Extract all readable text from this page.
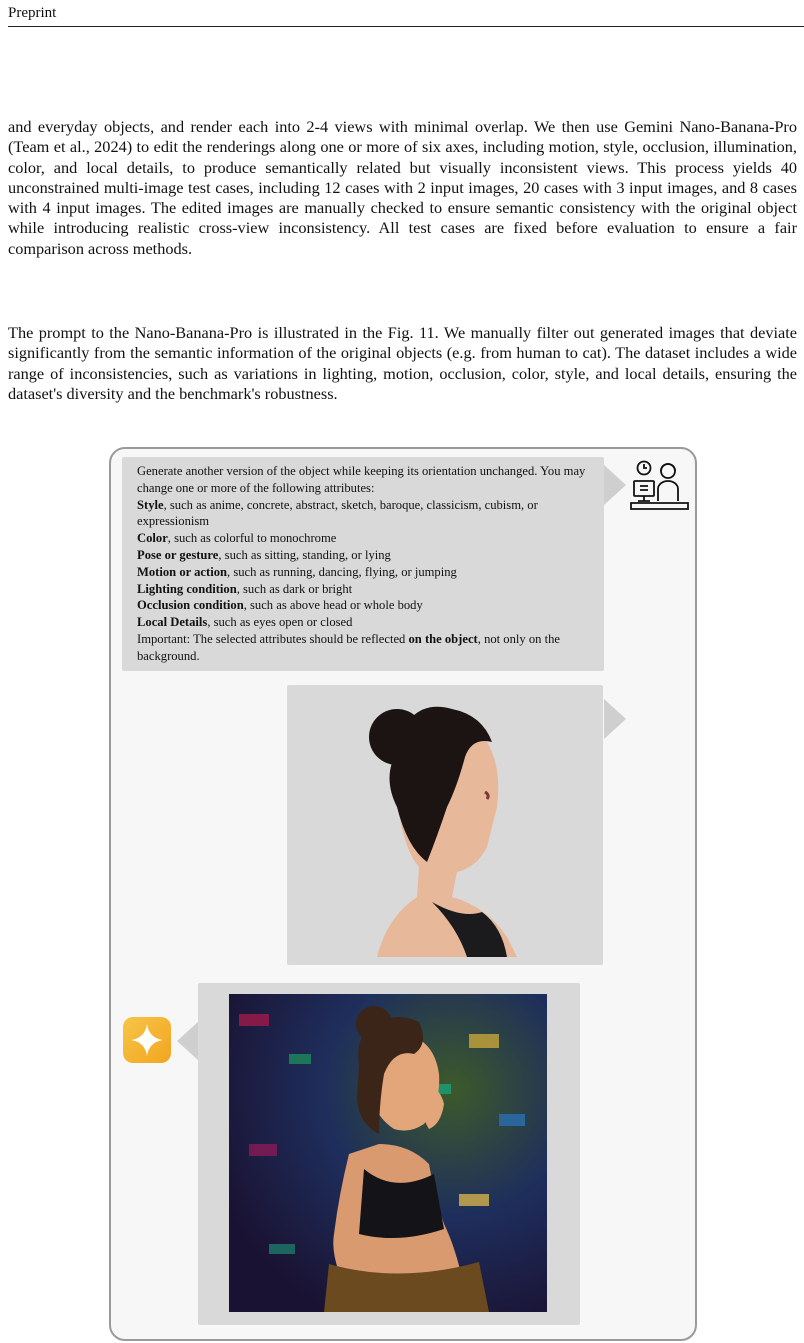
Preprint

and everyday objects, and render each into 2-4 views with minimal overlap. We then use Gemini Nano-Banana-Pro (Team et al., 2024) to edit the renderings along one or more of six axes, including motion, style, occlusion, illumination, color, and local details, to produce semantically related but visually inconsistent views. This process yields 40 unconstrained multi-image test cases, including 12 cases with 2 input images, 20 cases with 3 input images, and 8 cases with 4 input images. The edited images are manually checked to ensure semantic consistency with the original object while introducing realistic cross-view inconsistency. All test cases are fixed before evaluation to ensure a fair comparison across methods.

The prompt to the Nano-Banana-Pro is illustrated in the Fig. 11. We manually filter out generated images that deviate significantly from the semantic information of the original objects (e.g. from human to cat). The dataset includes a wide range of inconsistencies, such as variations in lighting, motion, occlusion, color, style, and local details, ensuring the dataset's diversity and the benchmark's robustness.

Generate another version of the object while keeping its orientation unchanged. You may change one or more of the following attributes:
Style, such as anime, concrete, abstract, sketch, baroque, classicism, cubism, or expressionism
Color, such as colorful to monochrome
Pose or gesture, such as sitting, standing, or lying
Motion or action, such as running, dancing, flying, or jumping
Lighting condition, such as dark or bright
Occlusion condition, such as above head or whole body
Local Details, such as eyes open or closed
Important: The selected attributes should be reflected on the object, not only on the background.
